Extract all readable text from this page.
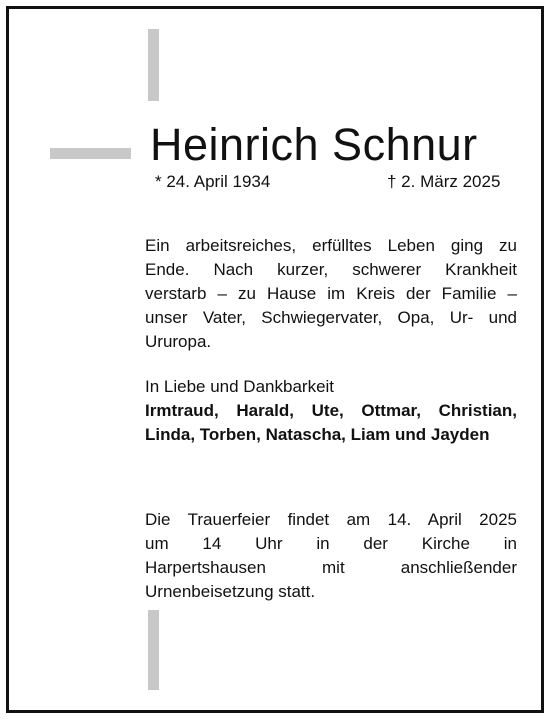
Heinrich Schnur
* 24. April 1934	† 2. März 2025

Ein arbeitsreiches, erfülltes Leben ging zu

Ende. Nach kurzer, schwerer Krankheit

verstarb – zu Hause im Kreis der Familie –

unser Vater, Schwiegervater, Opa, Ur- und

Ururopa.

In Liebe und Dankbarkeit

Irmtraud, Harald, Ute, Ottmar, Christian,

Linda, Torben, Natascha, Liam und Jayden

Die Trauerfeier findet am 14. April 2025

um 14 Uhr in der Kirche in

Harpertshausen mit anschließender

Urnenbeisetzung statt.
